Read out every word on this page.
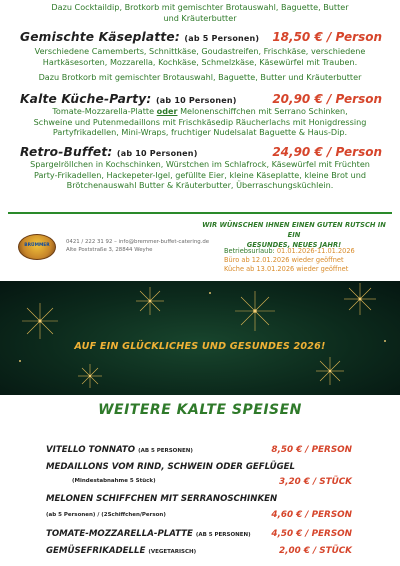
Dazu Cocktaildip, Brotkorb mit gemischter Brotauswahl, Baguette, Butter
und Kräuterbutter
Gemischte Käseplatte: (ab 5 Personen) 18,50 € / Person
Verschiedene Camemberts, Schnittkäse, Goudastreifen, Frischkäse, verschiedene
Hartkäsesorten, Mozzarella, Kochkäse, Schmelzkäse, Käsewürfel mit Trauben.
Dazu Brotkorb mit gemischter Brotauswahl, Baguette, Butter und Kräuterbutter
Kalte Küche-Party: (ab 10 Personen)	20,90 € / Person
Tomate-Mozzarella-Platte oder Melonenschiffchen mit Serrano Schinken,
Schweine und Putenmedaillons mit Frischkäsedip Räucherlachs mit Honigdressing
Partyfrikadellen, Mini-Wraps, fruchtiger Nudelsalat Baguette & Haus-Dip.
Retro-Buffet: (ab 10 Personen)	24,90 € / Person
Spargelröllchen in Kochschinken, Würstchen im Schlafrock, Käsewürfel mit Früchten
Party-Frikadellen, Hackepeter-Igel, gefüllte Eier, kleine Käseplatte, kleine Brot und
Brötchenauswahl Butter & Kräuterbutter, Überraschungsküchlein.
BRÜMMER
0421 / 222 31 92 – info@bremmer-buffet-catering.de
Alte Poststraße 3, 28844 Weyhe
WIR WÜNSCHEN IHNEN EINEN GUTEN RUTSCH IN EIN
GESUNDES, NEUES JAHR!
Betriebsurlaub: 01.01.2026-11.01.2026
Büro ab 12.01.2026 wieder geöffnet
Küche ab 13.01.2026 wieder geöffnet
AUF EIN GLÜCKLICHES UND GESUNDES 2026!
WEITERE KALTE SPEISEN
VITELLO TONNATO (AB 5 PERSONEN)	8,50 € / PERSON
MEDAILLONS VOM RIND, SCHWEIN ODER GEFLÜGEL
(Mindestabnahme 5 Stück)	3,20 € / STÜCK
MELONEN SCHIFFCHEN MIT SERRANOSCHINKEN
(ab 5 Personen) / (2Schiffchen/Person)	4,60 € / PERSON
TOMATE-MOZZARELLA-PLATTE (AB 5 PERSONEN) 4,50 € / PERSON
GEMÜSEFRIKADELLE (VEGETARISCH)	2,00 € / STÜCK
